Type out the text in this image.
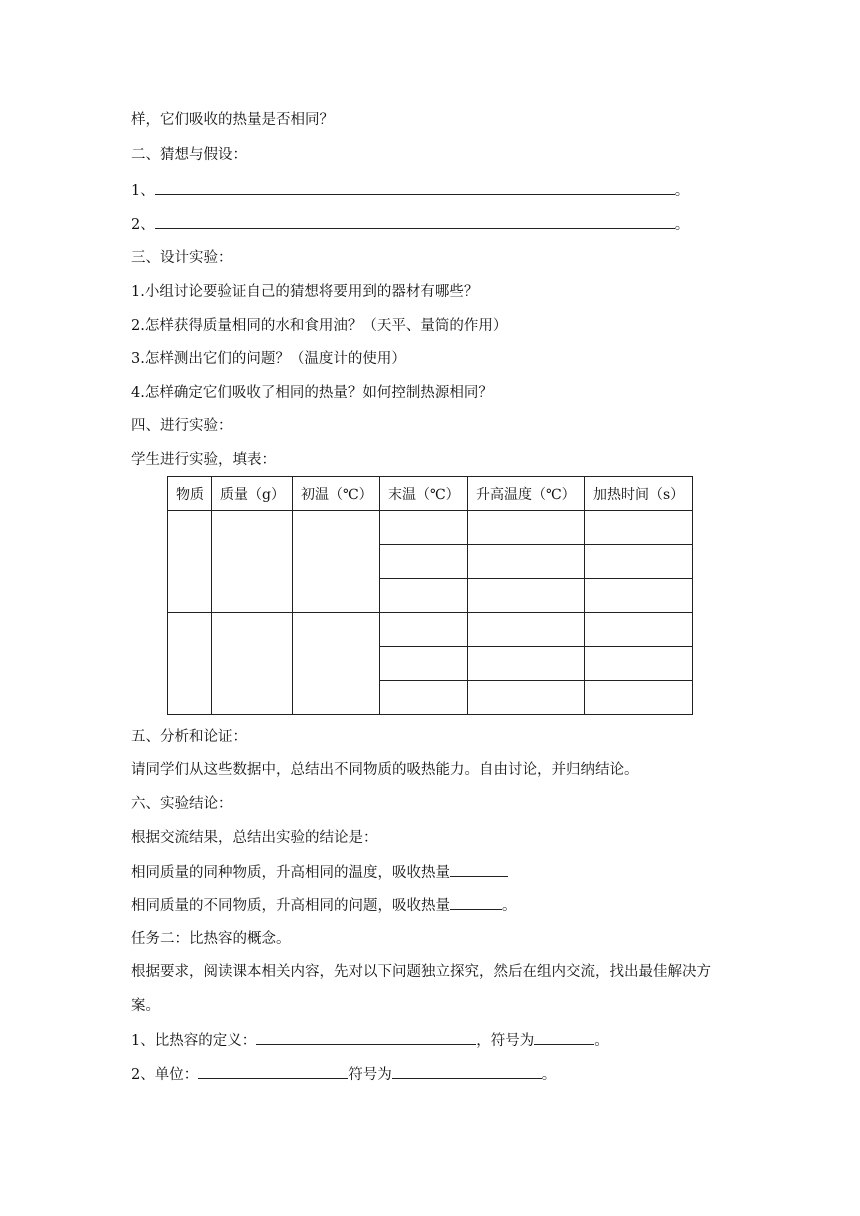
样，它们吸收的热量是否相同？
二、猜想与假设：
1、	。
2、	。
三、设计实验：
1.小组讨论要验证自己的猜想将要用到的器材有哪些？
2.怎样获得质量相同的水和食用油？（天平、量筒的作用）
3.怎样测出它们的问题？（温度计的使用）
4.怎样确定它们吸收了相同的热量？如何控制热源相同？
四、进行实验：
学生进行实验，填表：
物质	质量（g）	初温（℃）	末温（℃）	升高温度（℃）	加热时间（s）

五、分析和论证：
请同学们从这些数据中，总结出不同物质的吸热能力。自由讨论，并归纳结论。
六、实验结论：
根据交流结果，总结出实验的结论是：
相同质量的同种物质，升高相同的温度，吸收热量
相同质量的不同物质，升高相同的问题，吸收热量	。
任务二：比热容的概念。
根据要求，阅读课本相关内容，先对以下问题独立探究，然后在组内交流，找出最佳解决方
案。
1、比热容的定义：	，符号为	。
2、单位：	符号为	。
